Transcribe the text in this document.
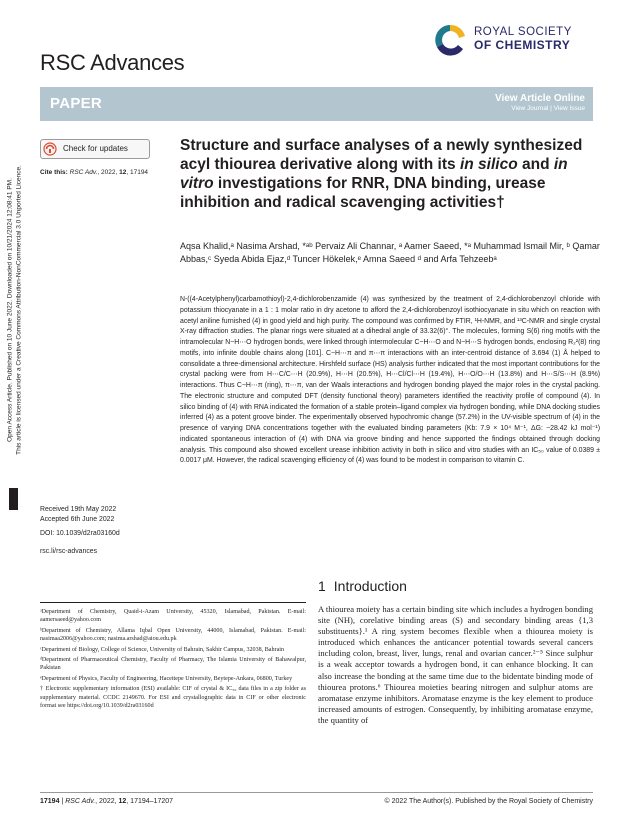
ROYAL SOCIETY
OF CHEMISTRY
RSC Advances
PAPER	View Article Online
View Journal | View Issue
Open Access Article. Published on 10 June 2022. Downloaded on 10/21/2024 12:08:41 PM. This article is licensed under a Creative Commons Attribution-NonCommercial 3.0 Unported Licence.
Check for updates
Cite this: RSC Adv., 2022, 12, 17194
Structure and surface analyses of a newly synthesized acyl thiourea derivative along with its in silico and in vitro investigations for RNR, DNA binding, urease inhibition and radical scavenging activities†
Aqsa Khalid,ᵃ Nasima Arshad, *ᵃᵇ Pervaiz Ali Channar, ᵃ Aamer Saeed, *ᵃ Muhammad Ismail Mir, ᵇ Qamar Abbas,ᶜ Syeda Abida Ejaz,ᵈ Tuncer Hökelek,ᵉ Amna Saeed ᵈ and Arfa Tehzeebᵃ
N-((4-Acetylphenyl)carbamothioyl)-2,4-dichlorobenzamide (4) was synthesized by the treatment of 2,4-dichlorobenzoyl chloride with potassium thiocyanate in a 1 : 1 molar ratio in dry acetone to afford the 2,4-dichlorobenzoyl isothiocyanate in situ which on reaction with acetyl aniline furnished (4) in good yield and high purity. The compound was confirmed by FTIR, ¹H-NMR, and ¹³C-NMR and single crystal X-ray diffraction studies. The planar rings were situated at a dihedral angle of 33.32(6)°. The molecules, forming S(6) ring motifs with the intramolecular N−H⋯O hydrogen bonds, were linked through intermolecular C−H⋯O and N−H⋯S hydrogen bonds, enclosing R₂²(8) ring motifs, into infinite double chains along [101]. C−H⋯π and π⋯π interactions with an inter-centroid distance of 3.694 (1) Å helped to consolidate a three-dimensional architecture. Hirshfeld surface (HS) analysis further indicated that the most important contributions for the crystal packing were from H⋯C/C⋯H (20.9%), H⋯H (20.5%), H⋯Cl/Cl⋯H (19.4%), H⋯O/O⋯H (13.8%) and H⋯S/S⋯H (8.9%) interactions. Thus C−H⋯π (ring), π⋯π, van der Waals interactions and hydrogen bonding played the major roles in the crystal packing. The electronic structure and computed DFT (density functional theory) parameters identified the reactivity profile of compound (4). In silico binding of (4) with RNA indicated the formation of a stable protein–ligand complex via hydrogen bonding, while DNA docking studies inferred (4) as a potent groove binder. The experimentally observed hypochromic change (57.2%) in the UV-visible spectrum of (4) in the presence of varying DNA concentrations together with the evaluated binding parameters (Kb: 7.9 × 10⁴ M⁻¹, ΔG: −28.42 kJ mol⁻¹) indicated spontaneous interaction of (4) with DNA via groove binding and hence supported the findings obtained through docking analysis. This compound also showed excellent urease inhibition activity in both in silico and vitro studies with an IC₅₀ value of 0.0389 ± 0.0017 μM. However, the radical scavenging efficiency of (4) was found to be modest in comparison to vitamin C.
Received 19th May 2022
Accepted 6th June 2022
DOI: 10.1039/d2ra03160d
rsc.li/rsc-advances
1 Introduction
A thiourea moiety has a certain binding site which includes a hydrogen bonding site (NH), corelative binding areas (S) and secondary binding areas {1,3 substituents}.¹ A ring system becomes flexible when a thiourea moiety is introduced which enhances the anticancer potential towards several cancers including colon, breast, liver, lungs, renal and ovarian cancer.²⁻⁵ Since sulphur is a weak acceptor towards a hydrogen bond, it can enhance blocking. It can also increase the bonding at the same time due to the bidentate binding mode of thiourea protons.⁶ Thiourea moieties bearing nitrogen and sulphur atoms are aromatase enzyme inhibitors. Aromatase enzyme is the key element to produce increased amounts of estrogen. Consequently, by inhibiting aromatase enzyme, the quantity of

ᵃDepartment of Chemistry, Quaid-i-Azam University, 45320, Islamabad, Pakistan. E-mail: aamersaeed@yahoo.com

ᵇDepartment of Chemistry, Allama Iqbal Open University, 44000, Islamabad, Pakistan. E-mail: nasimaa2006@yahoo.com; nasima.arshad@aiou.edu.pk

ᶜDepartment of Biology, College of Science, University of Bahrain, Sakhir Campus, 32038, Bahrain

ᵈDepartment of Pharmaceutical Chemistry, Faculty of Pharmacy, The Islamia University of Bahawalpur, Pakistan

ᵉDepartment of Physics, Faculty of Engineering, Hacettepe University, Beytepe-Ankara, 06800, Turkey

† Electronic supplementary information (ESI) available: CIF of crystal & IC₅₀ data files in a zip folder as supplementary material. CCDC 2149670. For ESI and crystallographic data in CIF or other electronic format see https://doi.org/10.1039/d2ra03160d

17194 | RSC Adv., 2022, 12, 17194–17207	© 2022 The Author(s). Published by the Royal Society of Chemistry
